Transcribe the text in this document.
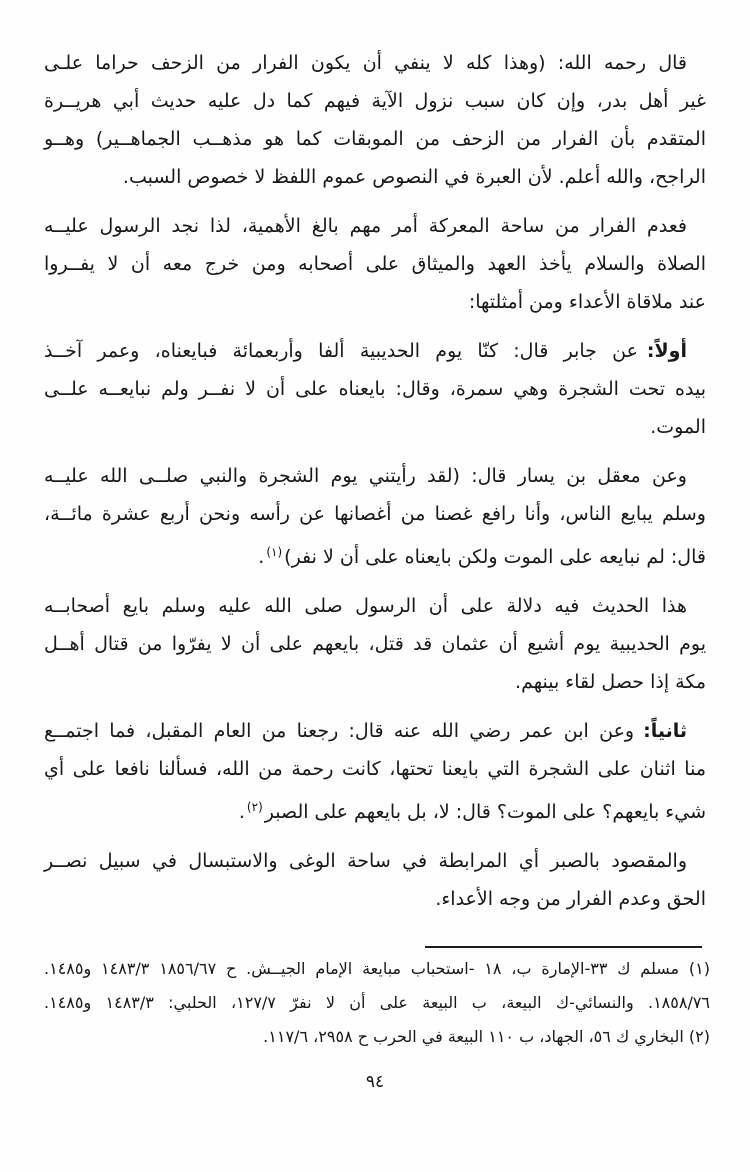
قال رحمه الله: (وهذا كله لا ينفي أن يكون الفرار من الزحف حراما علـى
غير أهل بدر، وإن كان سبب نزول الآية فيهم كما دل عليه حديث أبي هريــرة
المتقدم بأن الفرار من الزحف من الموبقات كما هو مذهــب الجماهــير) وهــو
الراجح، والله أعلم. لأن العبرة في النصوص عموم اللفظ لا خصوص السبب.
فعدم الفرار من ساحة المعركة أمر مهم بالغ الأهمية، لذا نجد الرسول عليــه
الصلاة والسلام يأخذ العهد والميثاق على أصحابه ومن خرج معه أن لا يفــروا
عند ملاقاة الأعداء ومن أمثلتها:
أولاً:عن جابر قال: كنّا يوم الحديبية ألفا وأربعمائة فبايعناه، وعمر آخــذ
بيده تحت الشجرة وهي سمرة، وقال: بايعناه على أن لا نفــر ولم نبايعــه علــى
الموت.
وعن معقل بن يسار قال: (لقد رأيتني يوم الشجرة والنبي صلــى الله عليــه
وسلم يبايع الناس، وأنا رافع غصنا من أغصانها عن رأسه ونحن أربع عشرة مائــة،
قال: لم نبايعه على الموت ولكن بايعناه على أن لا نفر)$^{(١)}$.
هذا الحديث فيه دلالة على أن الرسول صلى الله عليه وسلم بايع أصحابــه
يوم الحديبية يوم أشيع أن عثمان قد قتل، بايعهم على أن لا يفرّوا من قتال أهــل
مكة إذا حصل لقاء بينهم.
ثانياً:وعن ابن عمر رضي الله عنه قال: رجعنا من العام المقبل، فما اجتمــع
منا اثنان على الشجرة التي بايعنا تحتها، كانت رحمة من الله، فسألنا نافعا على أي
شيء بايعهم؟ على الموت؟ قال: لا، بل بايعهم على الصبر$^{(٢)}$.
والمقصود بالصبر أي المرابطة في ساحة الوغى والاستبسال في سبيل نصــر
الحق وعدم الفرار من وجه الأعداء.
(١) مسلم ك ٣٣-الإمارة ب، ١٨ -استحباب مبايعة الإمام الجيــش. ح ١٨٥٦/٦٧ ١٤٨٣/٣ و١٤٨٥.
١٨٥٨/٧٦. والنسائي-ك البيعة، ب البيعة على أن لا نفرّ ١٢٧/٧، الحلبي: ١٤٨٣/٣ و١٤٨٥.
(٢) البخاري ك ٥٦، الجهاد، ب ١١٠ البيعة في الحرب ح ٢٩٥٨، ١١٧/٦.
٩٤
